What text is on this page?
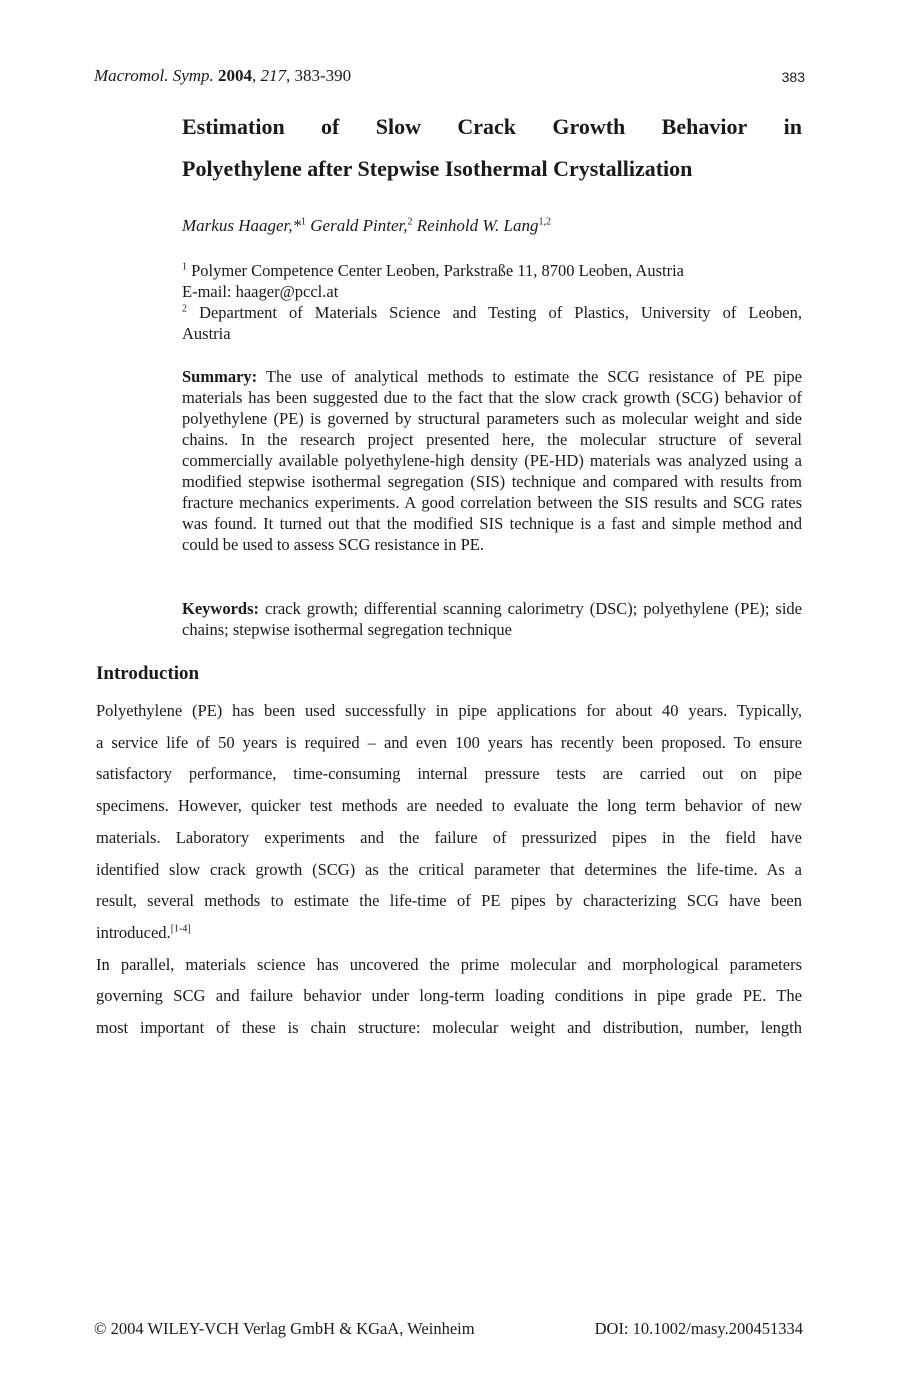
Macromol. Symp. 2004, 217, 383-390	383
Estimation of Slow Crack Growth Behavior in
Polyethylene after Stepwise Isothermal Crystallization
Markus Haager,*$^1$ Gerald Pinter,$^2$ Reinhold W. Lang$^{1,2}$
$^1$ Polymer Competence Center Leoben, Parkstraße 11, 8700 Leoben, Austria
E-mail: haager@pccl.at
$^2$ Department of Materials Science and Testing of Plastics, University of Leoben,
Austria
Summary: The use of analytical methods to estimate the SCG resistance of PE pipe materials has been suggested due to the fact that the slow crack growth (SCG) behavior of polyethylene (PE) is governed by structural parameters such as molecular weight and side chains. In the research project presented here, the molecular structure of several commercially available polyethylene-high density (PE-HD) materials was analyzed using a modified stepwise isothermal segregation (SIS) technique and compared with results from fracture mechanics experiments. A good correlation between the SIS results and SCG rates was found. It turned out that the modified SIS technique is a fast and simple method and could be used to assess SCG resistance in PE.
Keywords: crack growth; differential scanning calorimetry (DSC); polyethylene (PE); side chains; stepwise isothermal segregation technique
Introduction
Polyethylene (PE) has been used successfully in pipe applications for about 40 years. Typically,
a service life of 50 years is required – and even 100 years has recently been proposed. To ensure
satisfactory performance, time-consuming internal pressure tests are carried out on pipe
specimens. However, quicker test methods are needed to evaluate the long term behavior of new
materials. Laboratory experiments and the failure of pressurized pipes in the field have
identified slow crack growth (SCG) as the critical parameter that determines the life-time. As a
result, several methods to estimate the life-time of PE pipes by characterizing SCG have been
introduced.[1-4]
In parallel, materials science has uncovered the prime molecular and morphological parameters
governing SCG and failure behavior under long-term loading conditions in pipe grade PE. The
most important of these is chain structure: molecular weight and distribution, number, length
© 2004 WILEY-VCH Verlag GmbH & KGaA, Weinheim	DOI: 10.1002/masy.200451334
